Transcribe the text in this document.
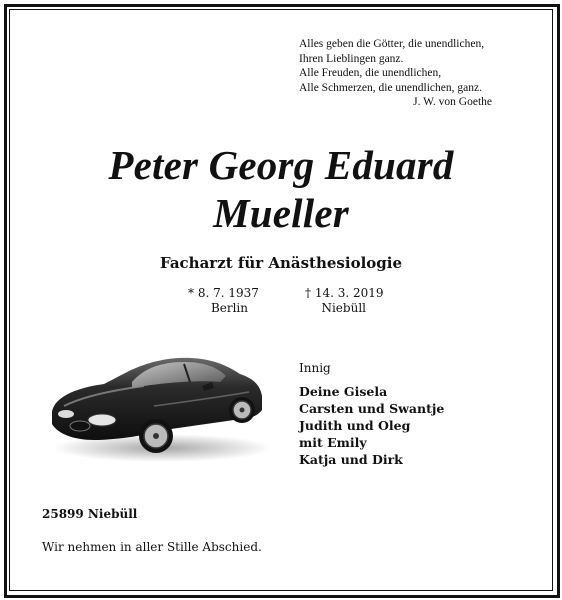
Alles geben die Götter, die unendlichen,
Ihren Lieblingen ganz.
Alle Freuden, die unendlichen,
Alle Schmerzen, die unendlichen, ganz.
J. W. von Goethe
Peter Georg Eduard
Mueller
Facharzt für Anästhesiologie
* 8. 7. 1937
Berlin
† 14. 3. 2019
Niebüll
Innig
Deine Gisela
Carsten und Swantje
Judith und Oleg
mit Emily
Katja und Dirk
25899 Niebüll
Wir nehmen in aller Stille Abschied.
